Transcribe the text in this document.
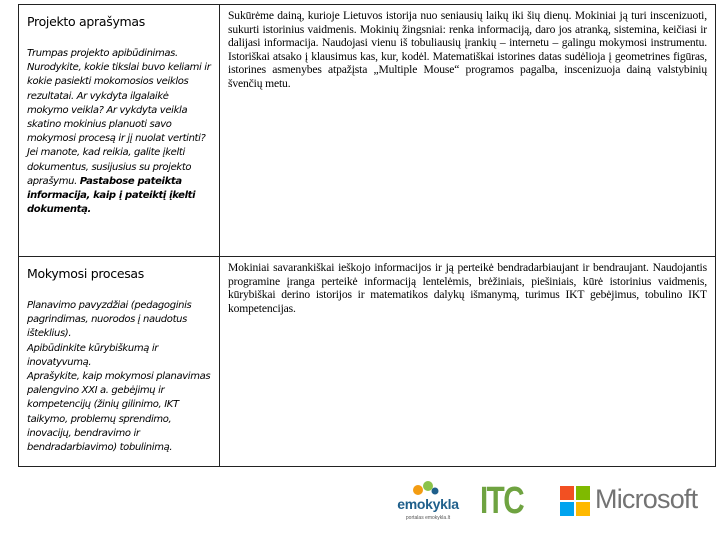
Projekto aprašymas
Trumpas projekto apibūdinimas.
Nurodykite, kokie tikslai buvo keliami ir kokie pasiekti mokomosios veiklos rezultatai. Ar vykdyta ilgalaikė mokymo veikla? Ar vykdyta veikla skatino mokinius planuoti savo mokymosi procesą ir jį nuolat vertinti?
Jei manote, kad reikia, galite įkelti dokumentus, susijusius su projekto aprašymu. Pastabose pateikta informacija, kaip į pateiktį įkelti dokumentą.
Sukūrėme dainą, kurioje Lietuvos istorija nuo seniausių laikų iki šių dienų. Mokiniai ją turi inscenizuoti, sukurti istorinius vaidmenis. Mokinių žingsniai: renka informaciją, daro jos atranką, sisteminа, keičiasi ir dalijasi informacija. Naudojasi vienu iš tobuliausių įrankių – internetu – galingu mokymosi instrumentu. Istoriškai atsako į klausimus kas, kur, kodėl. Matematiškai istorines datas sudėlioja į geometrines figūras, istorines asmenybes atpažįsta „Multiple Mouse“ programos pagalba, inscenizuoja dainą valstybinių švenčių metu.
Mokymosi procesas
Planavimo pavyzdžiai (pedagoginis pagrindimas, nuorodos į naudotus išteklius).
Apibūdinkite kūrybiškumą ir inovatyvumą.
Aprašykite, kaip mokymosi planavimas palengvino XXI a. gebėjimų ir kompetencijų (žinių gilinimo, IKT taikymo, problemų sprendimo, inovacijų, bendravimo ir bendradarbiavimo) tobulinimą.
Mokiniai savarankiškai ieškojo informacijos ir ją perteikė bendradarbiaujant ir bendraujant. Naudojantis programine įranga perteikė informaciją lentelėmis, brėžiniais, piešiniais, kūrė istorinius vaidmenis, kūrybiškai derino istorijos ir matematikos dalykų išmanymą, turimus IKT gebėjimus, tobulino IKT kompetencijas.
emokykla
portalas emokykla.lt ITC	Microsoft
